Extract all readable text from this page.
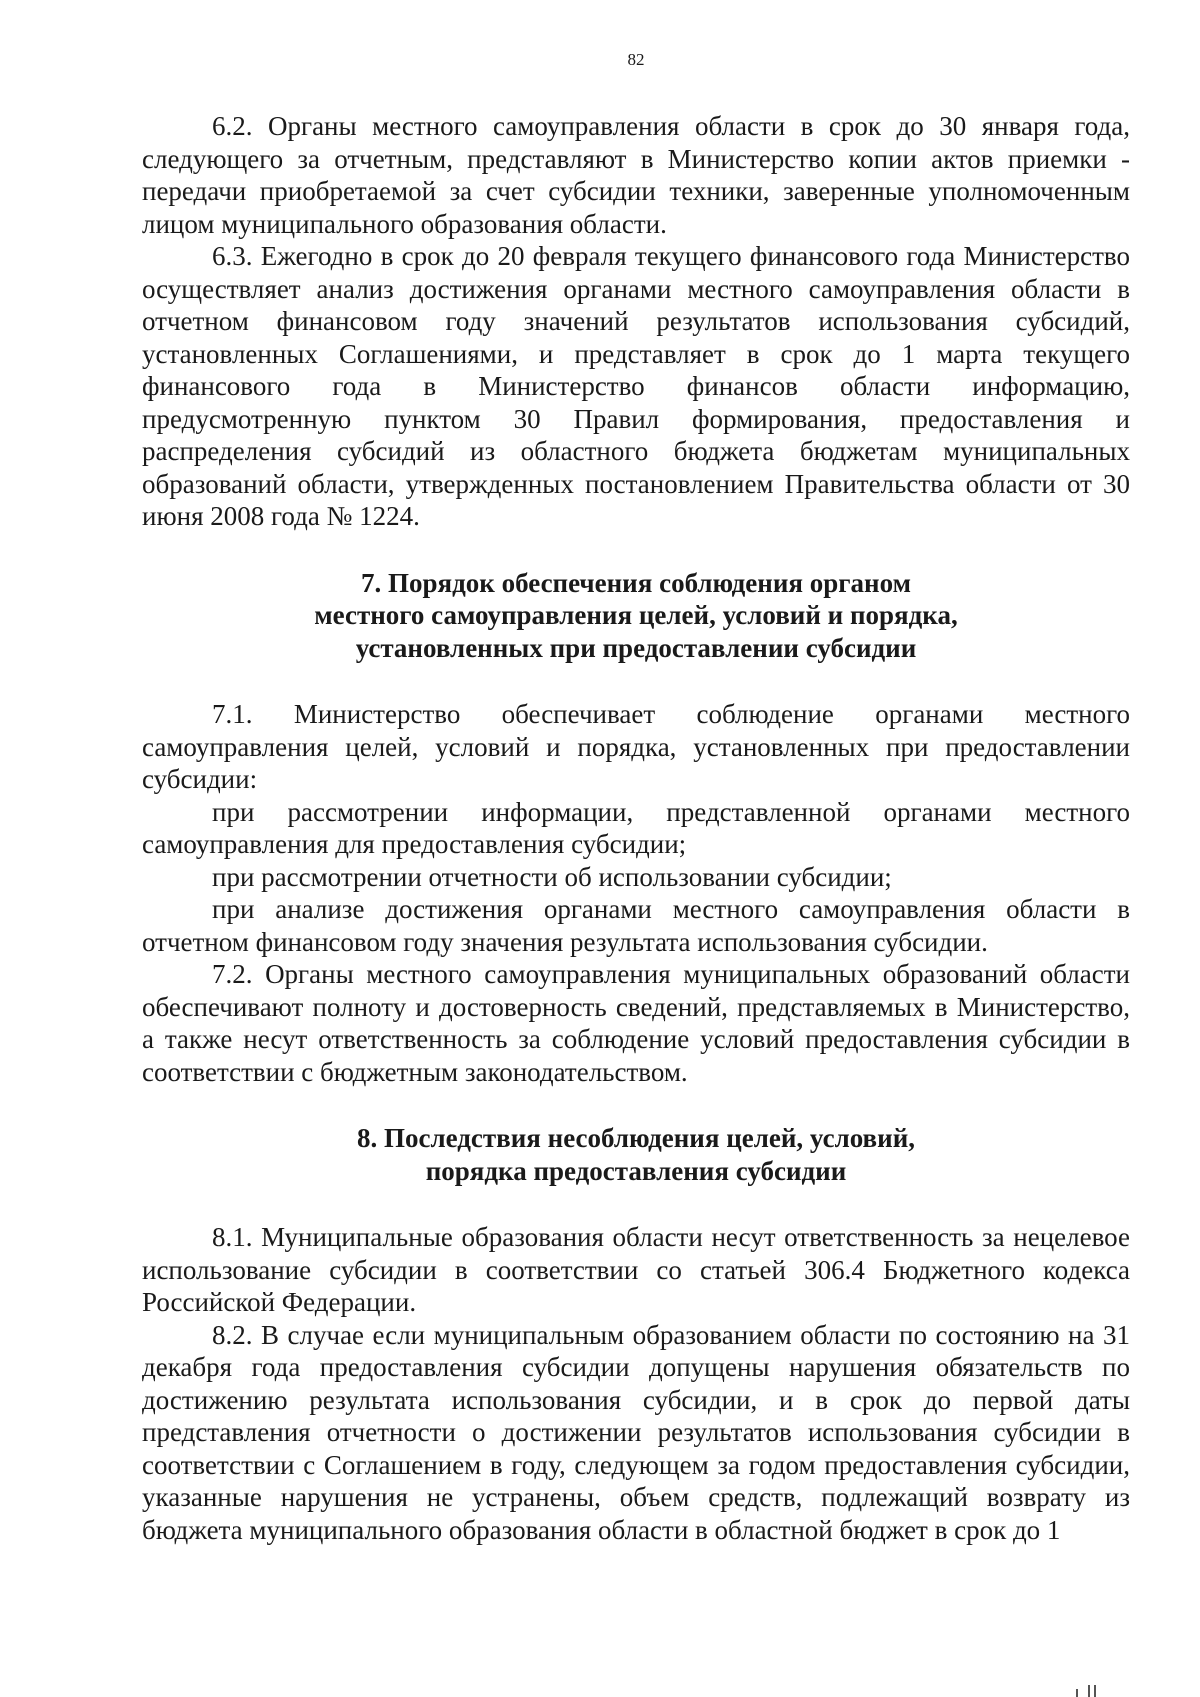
82

6.2. Органы местного самоуправления области в срок до 30 января года, следующего за отчетным, представляют в Министерство копии актов приемки - передачи приобретаемой за счет субсидии техники, заверенные уполномоченным лицом муниципального образования области.

6.3. Ежегодно в срок до 20 февраля текущего финансового года Министерство осуществляет анализ достижения органами местного самоуправления области в отчетном финансовом году значений результатов использования субсидий, установленных Соглашениями, и представляет в срок до 1 марта текущего финансового года в Министерство финансов области информацию, предусмотренную пунктом 30 Правил формирования, предоставления и распределения субсидий из областного бюджета бюджетам муниципальных образований области, утвержденных постановлением Правительства области от 30 июня 2008 года № 1224.

7. Порядок обеспечения соблюдения органом
местного самоуправления целей, условий и порядка,
установленных при предоставлении субсидии

7.1. Министерство обеспечивает соблюдение органами местного самоуправления целей, условий и порядка, установленных при предоставлении субсидии:

при рассмотрении информации, представленной органами местного самоуправления для предоставления субсидии;

при рассмотрении отчетности об использовании субсидии;

при анализе достижения органами местного самоуправления области в отчетном финансовом году значения результата использования субсидии.

7.2. Органы местного самоуправления муниципальных образований области обеспечивают полноту и достоверность сведений, представляемых в Министерство, а также несут ответственность за соблюдение условий предоставления субсидии в соответствии с бюджетным законодательством.

8. Последствия несоблюдения целей, условий,
порядка предоставления субсидии

8.1. Муниципальные образования области несут ответственность за нецелевое использование субсидии в соответствии со статьей 306.4 Бюджетного кодекса Российской Федерации.

8.2. В случае если муниципальным образованием области по состоянию на 31 декабря года предоставления субсидии допущены нарушения обязательств по достижению результата использования субсидии, и в срок до первой даты представления отчетности о достижении результатов использования субсидии в соответствии с Соглашением в году, следующем за годом предоставления субсидии, указанные нарушения не устранены, объем средств, подлежащий возврату из бюджета муниципального образования области в областной бюджет в срок до 1
